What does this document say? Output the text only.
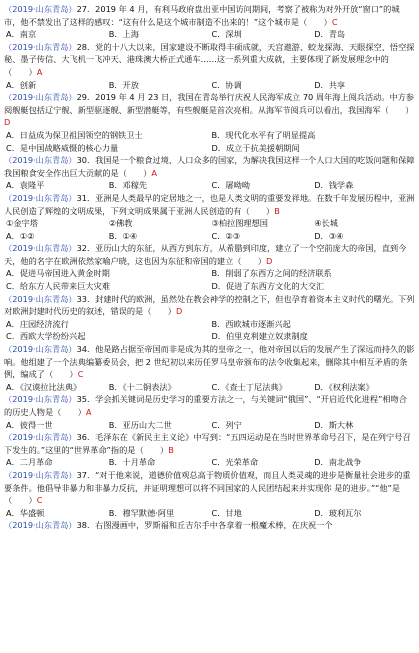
（2019·山东青岛）27．2019 年 4 月，有利马政府盘出亚中国访问期间，考察了被称为对外开放“窗口”的城市，他不禁发出了这样的感叹：“这有什么是这个城市制造不出来的！”这个城市是（　　）C

A．南京	B．上海	C．深圳	D．青岛

（2019·山东青岛）28．党的十八大以来，国家建设不断取得丰硕成就，天宫遨游、蛟龙探海、天眼探空、悟空探秘、墨子传信、大飞机一飞冲天、港珠澳大桥正式通车……这一系列重大成就，主要体现了新发展理念中的（　　）A

A．创新	B．开放	C．协调	D．共享

（2019·山东青岛）29．2019 年 4 月 23 日，我国在青岛举行庆祝人民海军成立 70 周年海上阅兵活动。中方参阅舰艇包括辽宁舰、新型驱逐舰、新型潜艇等，有些舰艇是首次亮相。从海军节阅兵可以看出，我国海军（　　）D

A．日益成为保卫祖国领空的钢铁卫士	B．现代化水平有了明显提高
C．是中国战略威慑的核心力量	D．成立于抗美援朝期间

（2019·山东青岛）30．我国是一个粮食过境、人口众多的国家，为解决我国这样一个人口大国的吃饭问题和保障我国粮食安全作出巨大贡献的是（　　）A

A．袁隆平	B．邓稼先	C．屠呦呦	D．钱学森

（2019·山东青岛）31．亚洲是人类最早的定居地之一，也是人类文明的重要发祥地。在数千年发展历程中，亚洲人民创造了辉煌的文明成果，下列文明成果属于亚洲人民创造的有（　　）B

①金字塔	②佛教	③柏拉图理想国	④长城
A．①②	B．①④	C．②③	D．③④

（2019·山东青岛）32．亚历山大的东征，从西方到东方，从希腊到印度，建立了一个空前庞大的帝国，直到今天，他的名字在欧洲依然家喻户晓，这也因为东征和帝国的建立（　　）D

A．促进马帝国进入黄金时期	B．削弱了东西方之间的经济联系
C．给东方人民带来巨大灾难	D．促进了东西方文化的大交汇

（2019·山东青岛）33．封建时代的欧洲，虽然处在教会神学的控制之下，但也孕育着资本主义时代的曙光。下列对欧洲封建时代历史的叙述，错误的是（　　）D

A．庄园经济流行	B．西欧城市逐渐兴起
C．西欧大学纷纷兴起	D．伯里克利建立奴隶制度

（2019·山东青岛）34．他是路占据至帝国而非是成为其的皇帝之一，他对帝国以后的发展产生了深远而持久的影响。他组建了一个法典编纂委员会，把 2 世纪初以来历任罗马皇帝颁布的法令收集起来，删除其中相互矛盾的条例，编成了（　　）C

A．《汉谟拉比法典》	B．《十二铜表法》	C．《查士丁尼法典》	D．《权利法案》

（2019·山东青岛）35．学会抓关键词是历史学习的重要方法之一，与关键词“俄国”、“开启近代化进程”相吻合的历史人物是（　　）A

A．彼得一世	B．亚历山大二世	C．列宁	D．斯大林

（2019·山东青岛）36．毛泽东在《新民主主义论》中写到：“五四运动是在当时世界革命号召下，是在列宁号召下发生的。”这里的“世界革命”指的是（　　）B

A．二月革命	B．十月革命	C．光荣革命	D．南北战争

（2019·山东青岛）37．“对于他来说，道德价值观总高于物质价值观，而且人类灵魂的进步是衡量社会进步的重要条件。他倡导非暴力和非暴力反抗，并证明理想可以将不同国家的人民团结起来并实现你 是的进步。”“他”是（　　）C

A．华盛顿	B．穆罕默德·阿里	C．甘地	D．玻利瓦尔

（2019·山东青岛）38．右图漫画中，罗斯福和丘吉尔手中各拿着一根魔术棒，在庆祝一个
